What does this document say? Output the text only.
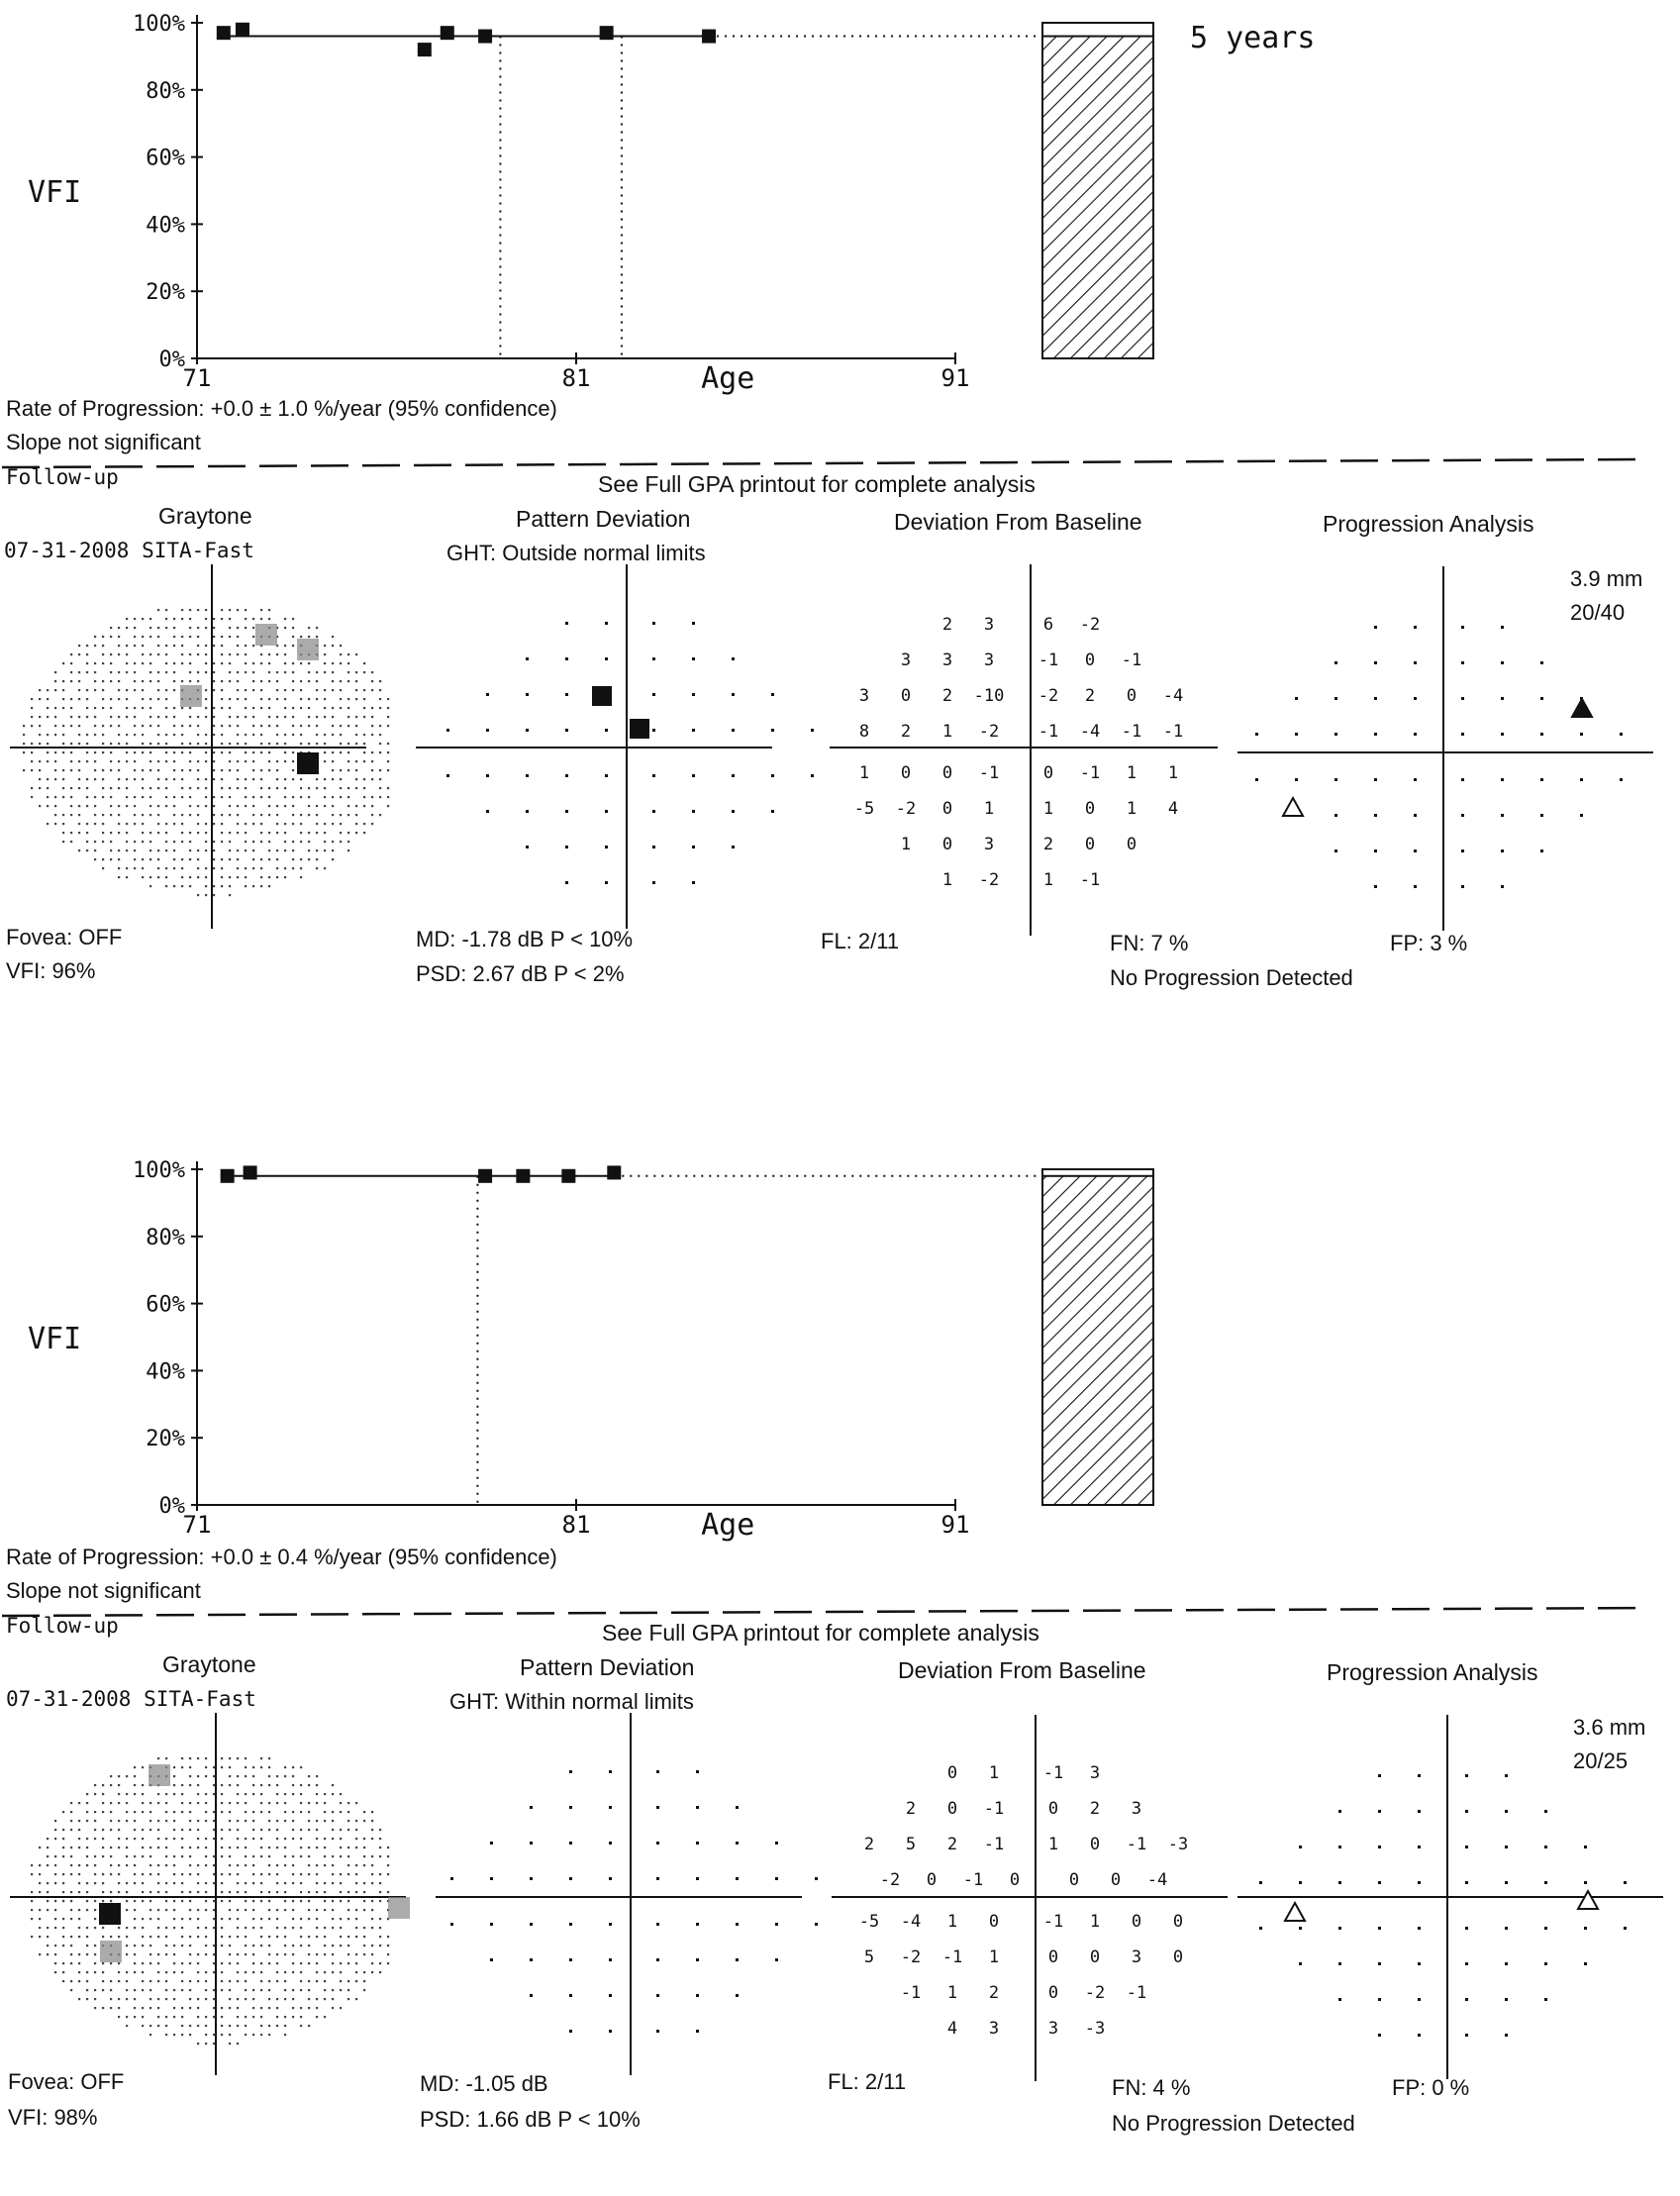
100%
80%
60%
40%
20%
0%
71	81	91
VFI
Age
5 years
Rate of Progression: +0.0 ± 1.0 %/year (95% confidence)
Slope not significant
Follow-up	See Full GPA printout for complete analysis
Graytone	Pattern Deviation	Deviation From Baseline	Progression Analysis
07-31-2008 SITA-Fast	GHT: Outside normal limits
3.9 mm
20/40
2 3	6 -2
3 3 3	-1 0 -1
3 0 2 -10 -2 2 0 -4
8 2 1 -2 -1 -4 -1 -1
1 0 0 -1	0 -1 1 1
-5 -2 0 1	1 0 1 4
1 0 3	2 0 0
1 -2	1 -1
Fovea: OFF
VFI: 96%
MD: -1.78 dB P < 10%
PSD: 2.67 dB P < 2%
FL: 2/11	FN: 7 %	FP: 3 %
No Progression Detected
100%
80%
60%
40%
20%
0%
71	81	91
VFI
Age
Rate of Progression: +0.0 ± 0.4 %/year (95% confidence)
Slope not significant
Follow-up	See Full GPA printout for complete analysis
Graytone	Pattern Deviation	Deviation From Baseline	Progression Analysis
07-31-2008 SITA-Fast	GHT: Within normal limits
3.6 mm
20/25
0 1	-1 3
2 0 -1	0 2 3
2 5 2 -1	1 0 -1 -3
-2 0 -1 0	0 0 -4
-5 -4 1 0	-1 1 0 0
5 -2 -1 1	0 0 3 0
-1 1 2	0 -2 -1
4 3	3 -3
Fovea: OFF
VFI: 98%
MD: -1.05 dB
PSD: 1.66 dB P < 10%
FL: 2/11	FN: 4 %	FP: 0 %
No Progression Detected
